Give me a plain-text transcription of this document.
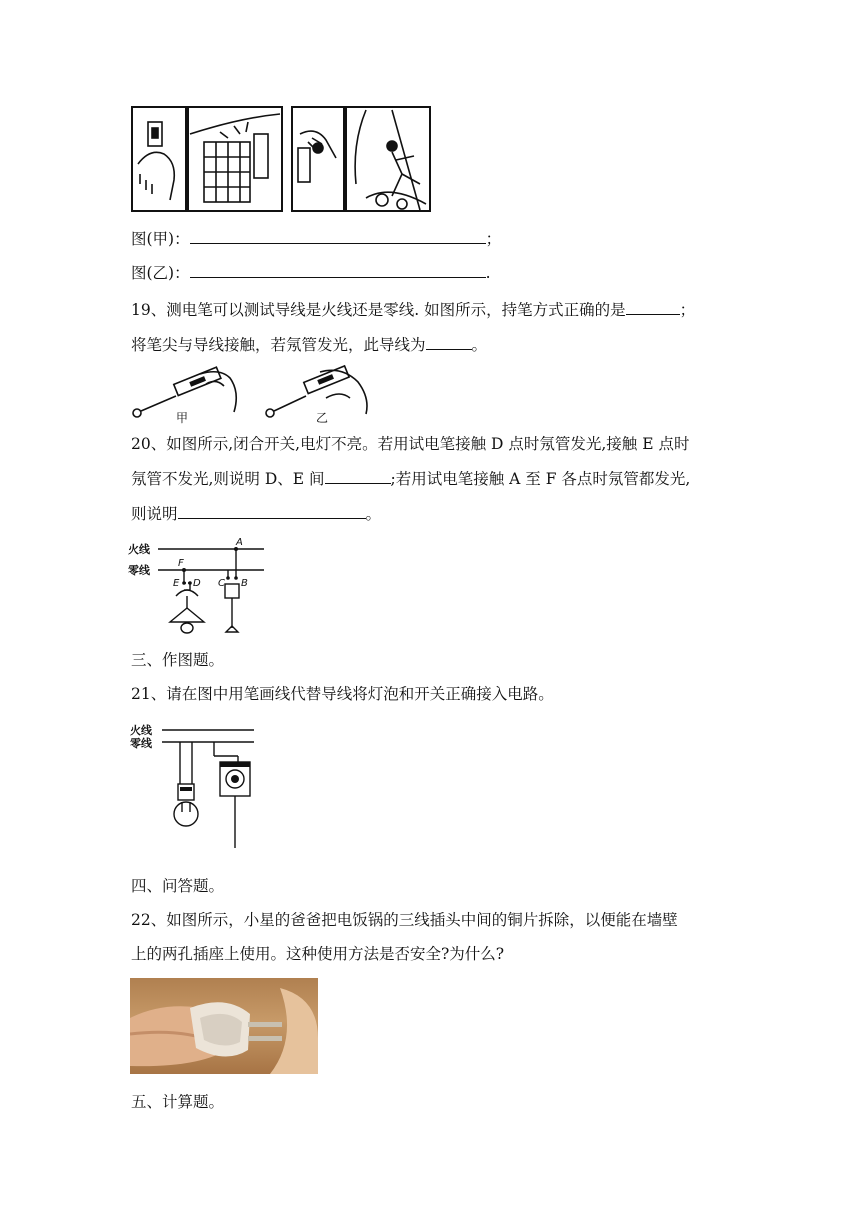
图(甲)：	；
图(乙)：	.
19、测电笔可以测试导线是火线还是零线. 如图所示，持笔方式正确的是	；
将笔尖与导线接触，若氖管发光，此导线为	。
甲	乙
20、如图所示,闭合开关,电灯不亮。若用试电笔接触 D 点时氖管发光,接触 E 点时
氖管不发光,则说明 D、E 间	;若用试电笔接触 A 至 F 各点时氖管都发光,
则说明	。
火线
零线
A
F
E D C B
三、作图题。
21、请在图中用笔画线代替导线将灯泡和开关正确接入电路。
火线
零线
四、问答题。
22、如图所示，小星的爸爸把电饭锅的三线插头中间的铜片拆除，以便能在墙壁
上的两孔插座上使用。这种使用方法是否安全?为什么?
五、计算题。
